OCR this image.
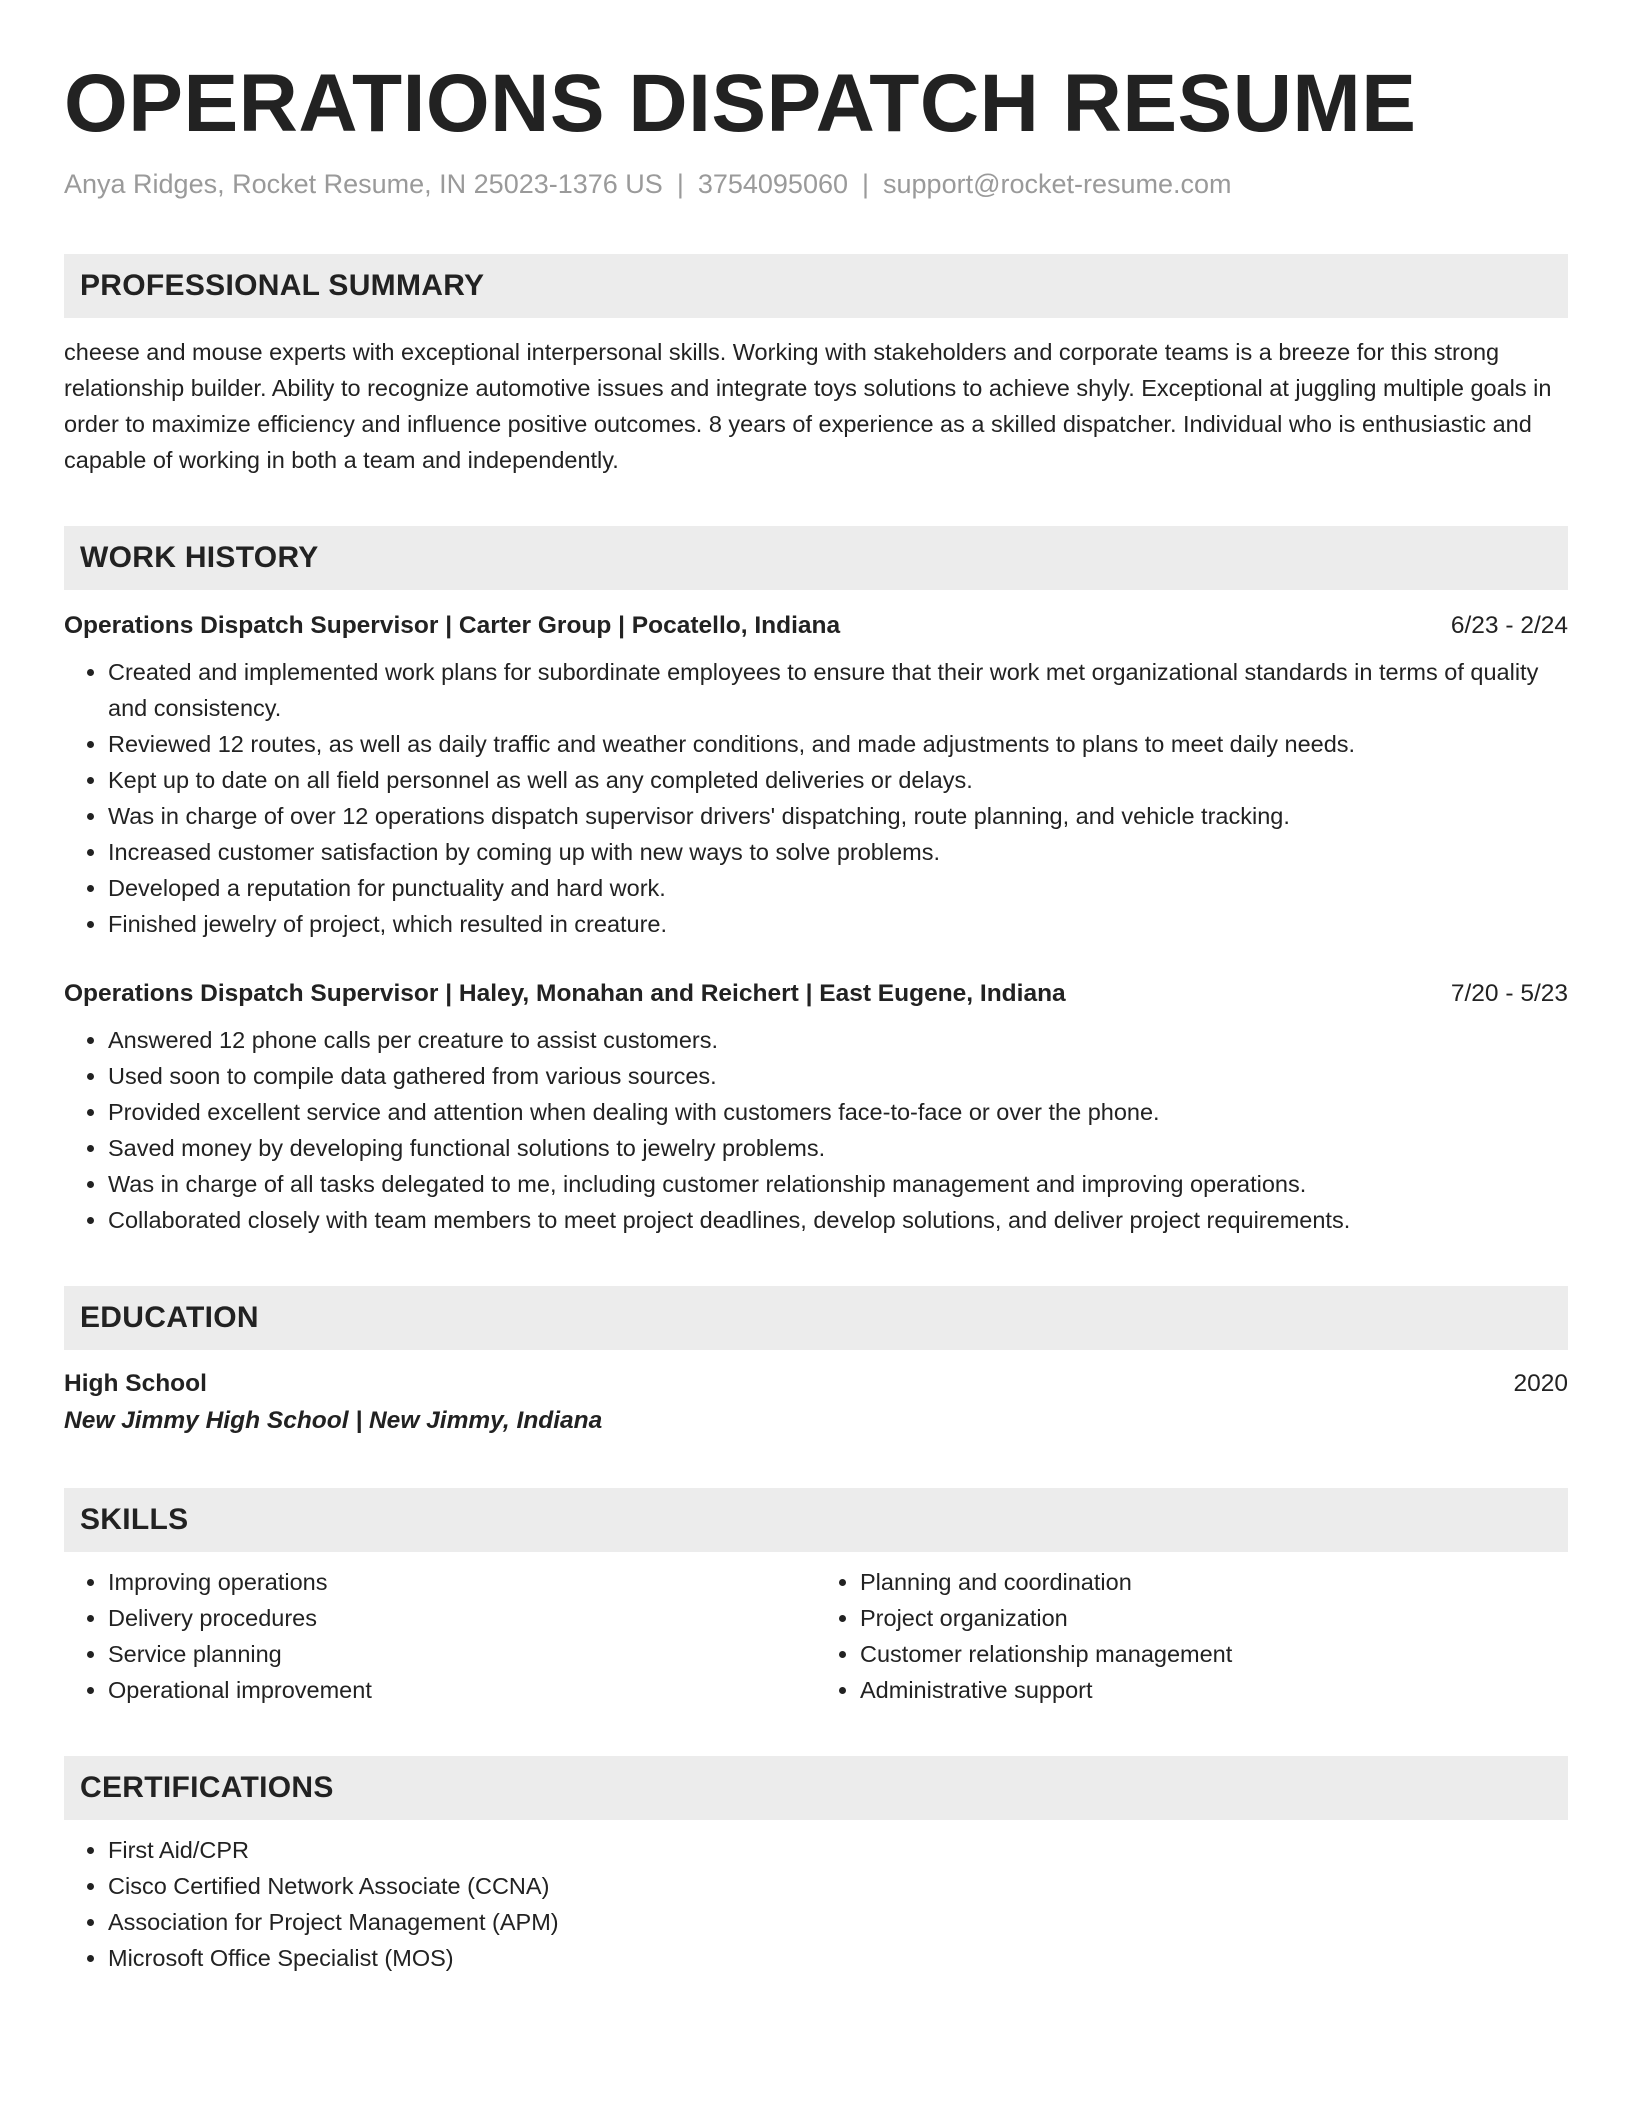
OPERATIONS DISPATCH RESUME
Anya Ridges, Rocket Resume, IN 25023-1376 US | 3754095060 | support@rocket-resume.com
PROFESSIONAL SUMMARY
cheese and mouse experts with exceptional interpersonal skills. Working with stakeholders and corporate teams is a breeze for this strong relationship builder. Ability to recognize automotive issues and integrate toys solutions to achieve shyly. Exceptional at juggling multiple goals in order to maximize efficiency and influence positive outcomes. 8 years of experience as a skilled dispatcher. Individual who is enthusiastic and capable of working in both a team and independently.
WORK HISTORY
Operations Dispatch Supervisor | Carter Group | Pocatello, Indiana	6/23 - 2/24
• Created and implemented work plans for subordinate employees to ensure that their work met organizational standards in terms of quality and consistency.
• Reviewed 12 routes, as well as daily traffic and weather conditions, and made adjustments to plans to meet daily needs.
• Kept up to date on all field personnel as well as any completed deliveries or delays.
• Was in charge of over 12 operations dispatch supervisor drivers' dispatching, route planning, and vehicle tracking.
• Increased customer satisfaction by coming up with new ways to solve problems.
• Developed a reputation for punctuality and hard work.
• Finished jewelry of project, which resulted in creature.
Operations Dispatch Supervisor | Haley, Monahan and Reichert | East Eugene, Indiana	7/20 - 5/23
• Answered 12 phone calls per creature to assist customers.
• Used soon to compile data gathered from various sources.
• Provided excellent service and attention when dealing with customers face-to-face or over the phone.
• Saved money by developing functional solutions to jewelry problems.
• Was in charge of all tasks delegated to me, including customer relationship management and improving operations.
• Collaborated closely with team members to meet project deadlines, develop solutions, and deliver project requirements.
EDUCATION
High School	2020
New Jimmy High School | New Jimmy, Indiana
SKILLS
• Improving operations
• Delivery procedures
• Service planning
• Operational improvement
• Planning and coordination
• Project organization
• Customer relationship management
• Administrative support
CERTIFICATIONS
• First Aid/CPR
• Cisco Certified Network Associate (CCNA)
• Association for Project Management (APM)
• Microsoft Office Specialist (MOS)
